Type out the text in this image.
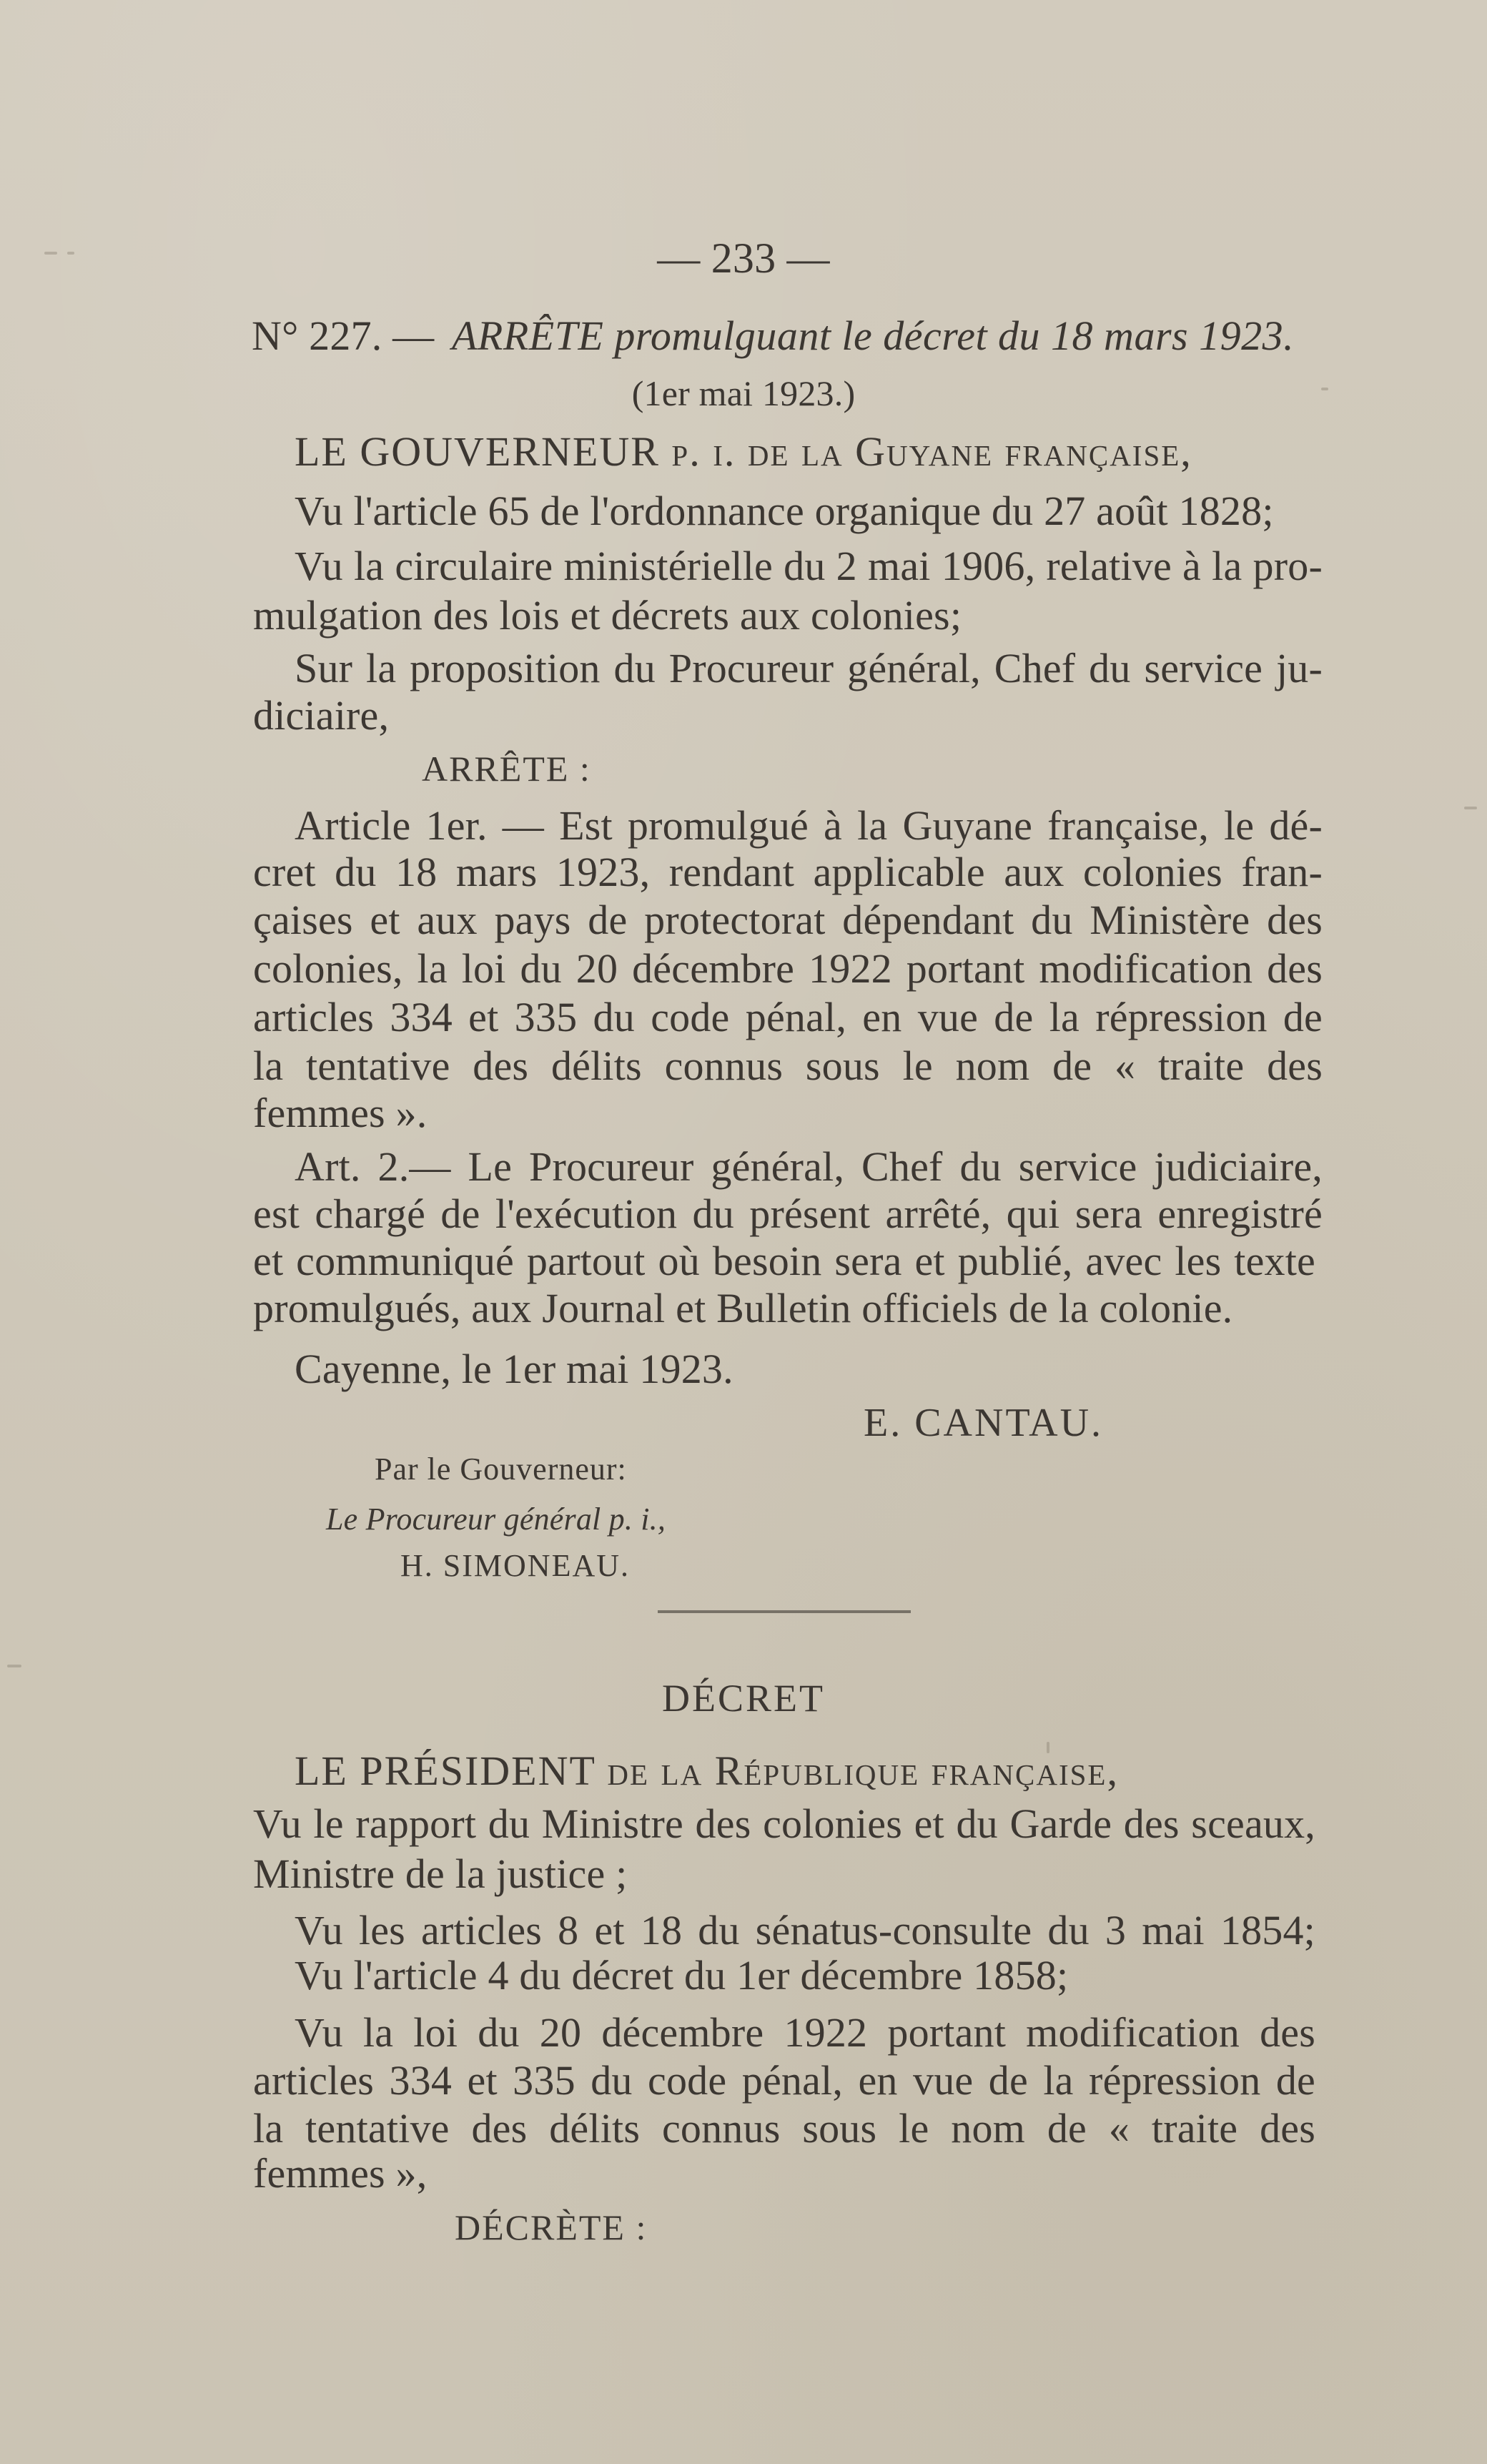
— 233 —
N° 227. — ARRÊTE promulguant le décret du 18 mars 1923.
(1er mai 1923.)
LE GOUVERNEUR p. i. de la Guyane française,
Vu l'article 65 de l'ordonnance organique du 27 août 1828;
Vu la circulaire ministérielle du 2 mai 1906, relative à la pro-
mulgation des lois et décrets aux colonies;
Sur la proposition du Procureur général, Chef du service ju-
diciaire,
ARRÊTE :
Article 1er. — Est promulgué à la Guyane française, le dé-
cret du 18 mars 1923, rendant applicable aux colonies fran-
çaises et aux pays de protectorat dépendant du Ministère des
colonies, la loi du 20 décembre 1922 portant modification des
articles 334 et 335 du code pénal, en vue de la répression de
la tentative des délits connus sous le nom de « traite des
femmes ».
Art. 2.— Le Procureur général, Chef du service judiciaire,
est chargé de l'exécution du présent arrêté, qui sera enregistré
et communiqué partout où besoin sera et publié, avec les texte
promulgués, aux Journal et Bulletin officiels de la colonie.
Cayenne, le 1er mai 1923.
E. CANTAU.
Par le Gouverneur:
Le Procureur général p. i.,
H. SIMONEAU.
DÉCRET
LE PRÉSIDENT de la République française,
Vu le rapport du Ministre des colonies et du Garde des sceaux,
Ministre de la justice ;
Vu les articles 8 et 18 du sénatus-consulte du 3 mai 1854;
Vu l'article 4 du décret du 1er décembre 1858;
Vu la loi du 20 décembre 1922 portant modification des
articles 334 et 335 du code pénal, en vue de la répression de
la tentative des délits connus sous le nom de « traite des
femmes »,
DÉCRÈTE :
